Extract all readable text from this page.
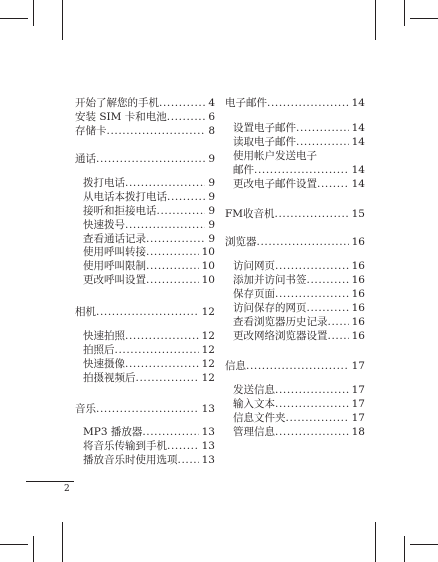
开始了解您的手机 .....	4
安装 SIM 卡和电池 .....	6
存储卡 .....	8
通话 .....	9
拨打电话 .....	9
从电话本拨打电话 .....	9
接听和拒接电话 .....	9
快速拨号 .....	9
查看通话记录 .....	9
使用呼叫转接 .....	10
使用呼叫限制 .....	10
更改呼叫设置 .....	10
相机 .....	12
快速拍照 .....	12
拍照后 .....	12
快速摄像 .....	12
拍摄视频后 .....	12
音乐 .....	13
MP3 播放器 .....	13
将音乐传输到手机 .....	13
播放音乐时使用选项 ..... 13
电子邮件 .....	14
设置电子邮件 .....	14
读取电子邮件 .....	14
使用帐户发送电子
邮件 .....	14
更改电子邮件设置 .....	14
FM收音机 .....	15
浏览器 .....	16
访问网页 .....	16
添加并访问书签 .....	16
保存页面 .....	16
访问保存的网页 .....	16
查看浏览器历史记录 ..... 16
更改网络浏览器设置 ..... 16
信息 .....	17
发送信息 .....	17
输入文本 .....	17
信息文件夹 .....	17
管理信息 .....	18
2
